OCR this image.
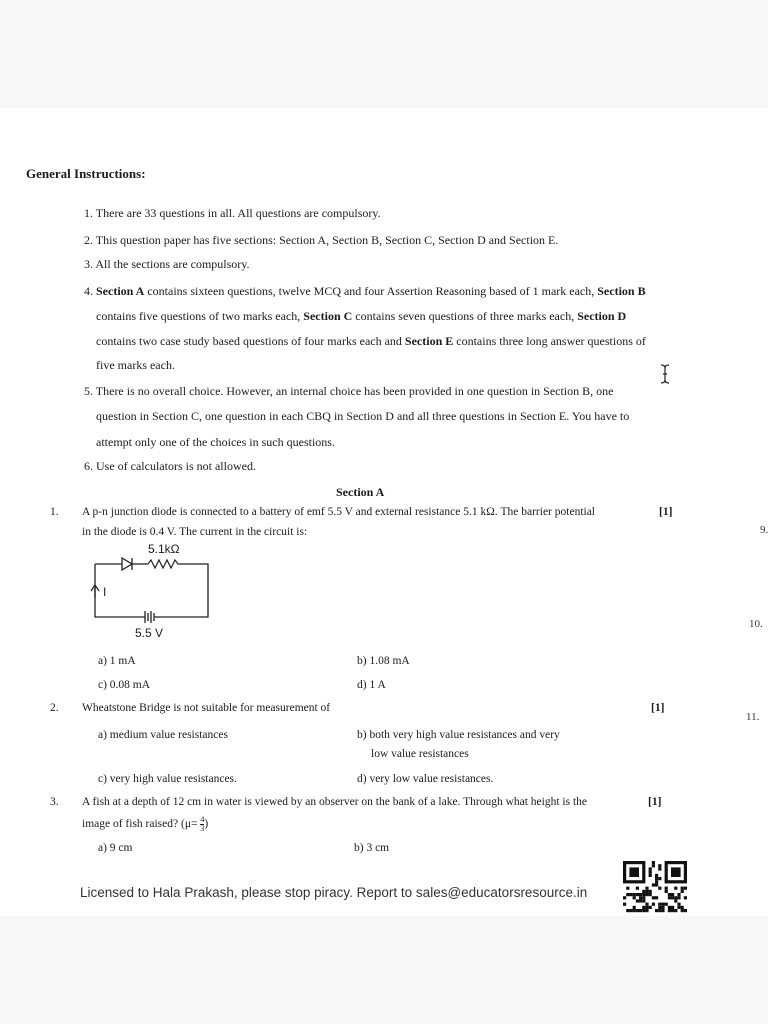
General Instructions:
1. There are 33 questions in all. All questions are compulsory.
2. This question paper has five sections: Section A, Section B, Section C, Section D and Section E.
3. All the sections are compulsory.
4. Section A contains sixteen questions, twelve MCQ and four Assertion Reasoning based of 1 mark each, Section B
contains five questions of two marks each, Section C contains seven questions of three marks each, Section D
contains two case study based questions of four marks each and Section E contains three long answer questions of
five marks each.
5. There is no overall choice. However, an internal choice has been provided in one question in Section B, one
question in Section C, one question in each CBQ in Section D and all three questions in Section E. You have to
attempt only one of the choices in such questions.
6. Use of calculators is not allowed.
Section A
1. A p-n junction diode is connected to a battery of emf 5.5 V and external resistance 5.1 kΩ. The barrier potential	[1]
in the diode is 0.4 V. The current in the circuit is:
5.1kΩ
I
5.5 V
a) 1 mA	b) 1.08 mA
c) 0.08 mA	d) 1 A
2. Wheatstone Bridge is not suitable for measurement of	[1]
a) medium value resistances	b) both very high value resistances and very
low value resistances
c) very high value resistances.	d) very low value resistances.
3. A fish at a depth of 12 cm in water is viewed by an observer on the bank of a lake. Through what height is the	[1]
image of fish raised? ($\mu= \frac{4}{3}$ )
a) 9 cm	b) 3 cm
9.
10.
11.
Licensed to Hala Prakash, please stop piracy. Report to sales@educatorsresource.in
